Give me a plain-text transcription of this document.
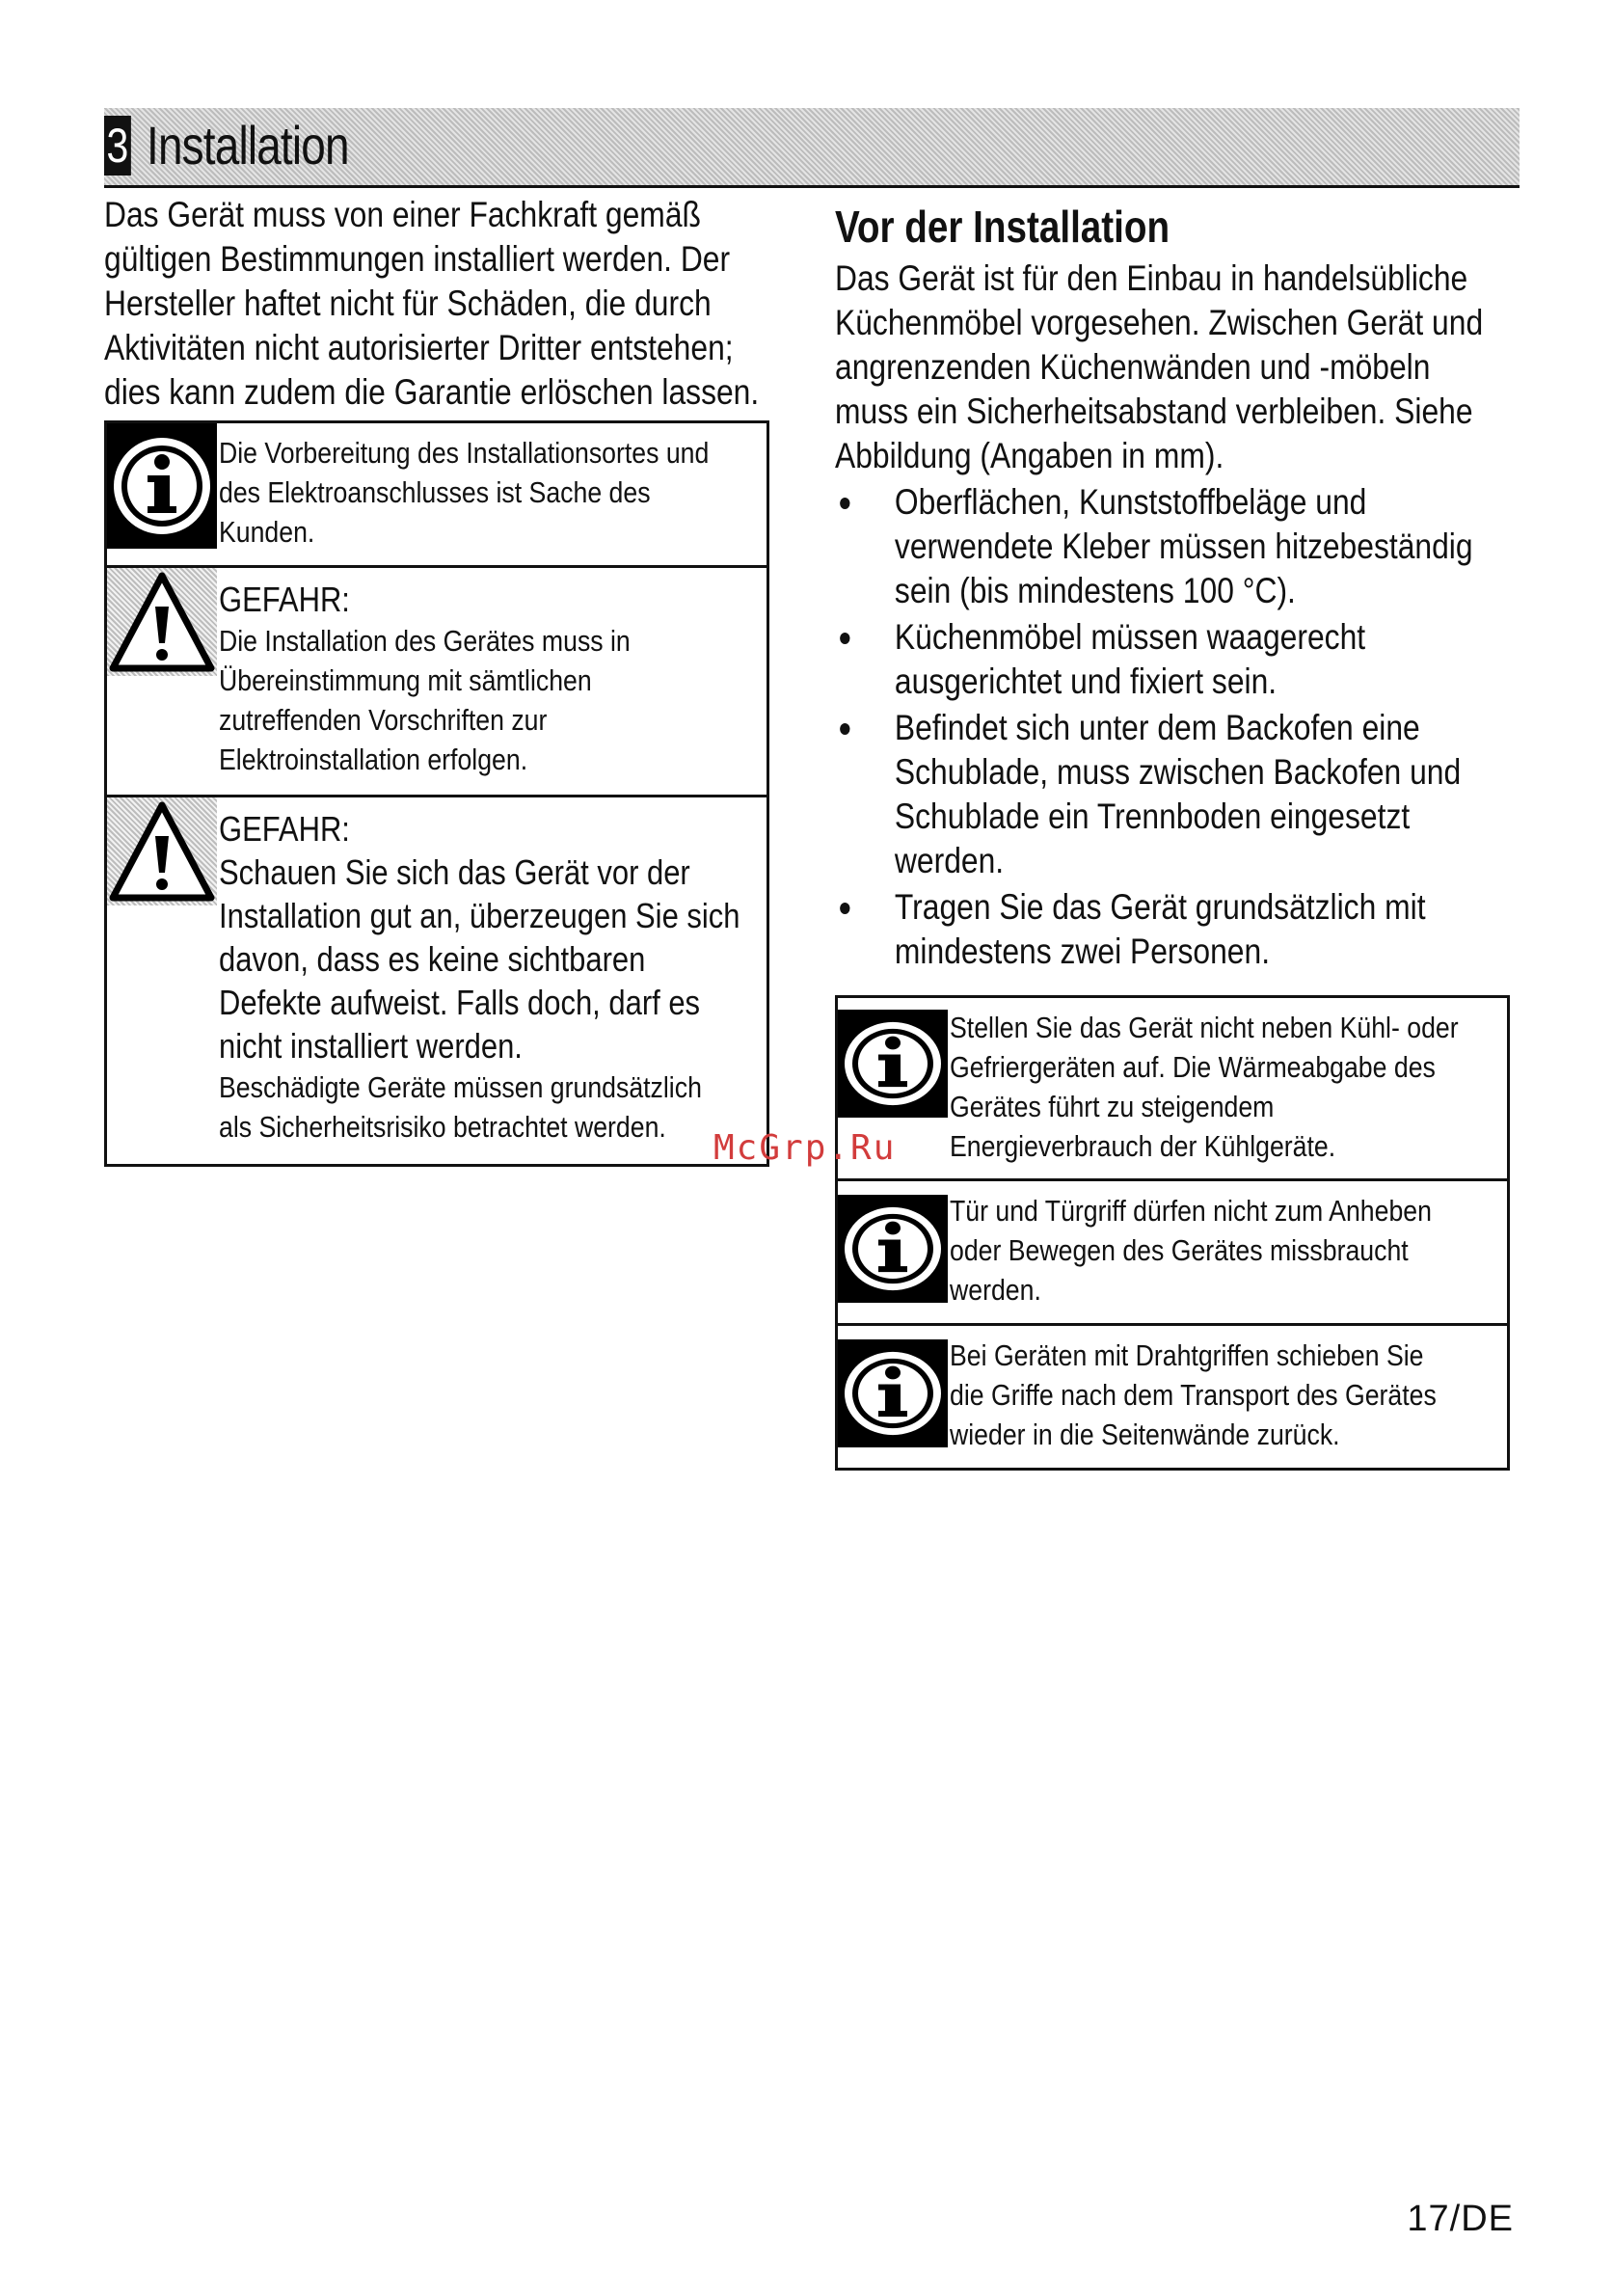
3 Installation

Das Gerät muss von einer Fachkraft gemäß
gültigen Bestimmungen installiert werden. Der
Hersteller haftet nicht für Schäden, die durch
Aktivitäten nicht autorisierter Dritter entstehen;
dies kann zudem die Garantie erlöschen lassen.

Die Vorbereitung des Installationsortes und
des Elektroanschlusses ist Sache des
Kunden.
GEFAHR:
Die Installation des Gerätes muss in
Übereinstimmung mit sämtlichen
zutreffenden Vorschriften zur
Elektroinstallation erfolgen.
GEFAHR:
Schauen Sie sich das Gerät vor der
Installation gut an, überzeugen Sie sich
davon, dass es keine sichtbaren
Defekte aufweist. Falls doch, darf es
nicht installiert werden.
Beschädigte Geräte müssen grundsätzlich
als Sicherheitsrisiko betrachtet werden.
Vor der Installation

Das Gerät ist für den Einbau in handelsübliche
Küchenmöbel vorgesehen. Zwischen Gerät und
angrenzenden Küchenwänden und -möbeln
muss ein Sicherheitsabstand verbleiben. Siehe
Abbildung (Angaben in mm).

Oberflächen, Kunststoffbeläge und
verwendete Kleber müssen hitzebeständig
sein (bis mindestens 100 °C).
Küchenmöbel müssen waagerecht
ausgerichtet und fixiert sein.
Befindet sich unter dem Backofen eine
Schublade, muss zwischen Backofen und
Schublade ein Trennboden eingesetzt
werden.
Tragen Sie das Gerät grundsätzlich mit
mindestens zwei Personen.
Stellen Sie das Gerät nicht neben Kühl- oder
Gefriergeräten auf. Die Wärmeabgabe des
Gerätes führt zu steigendem
Energieverbrauch der Kühlgeräte.
Tür und Türgriff dürfen nicht zum Anheben
oder Bewegen des Gerätes missbraucht
werden.
Bei Geräten mit Drahtgriffen schieben Sie
die Griffe nach dem Transport des Gerätes
wieder in die Seitenwände zurück.
McGrp.Ru
17/DE
